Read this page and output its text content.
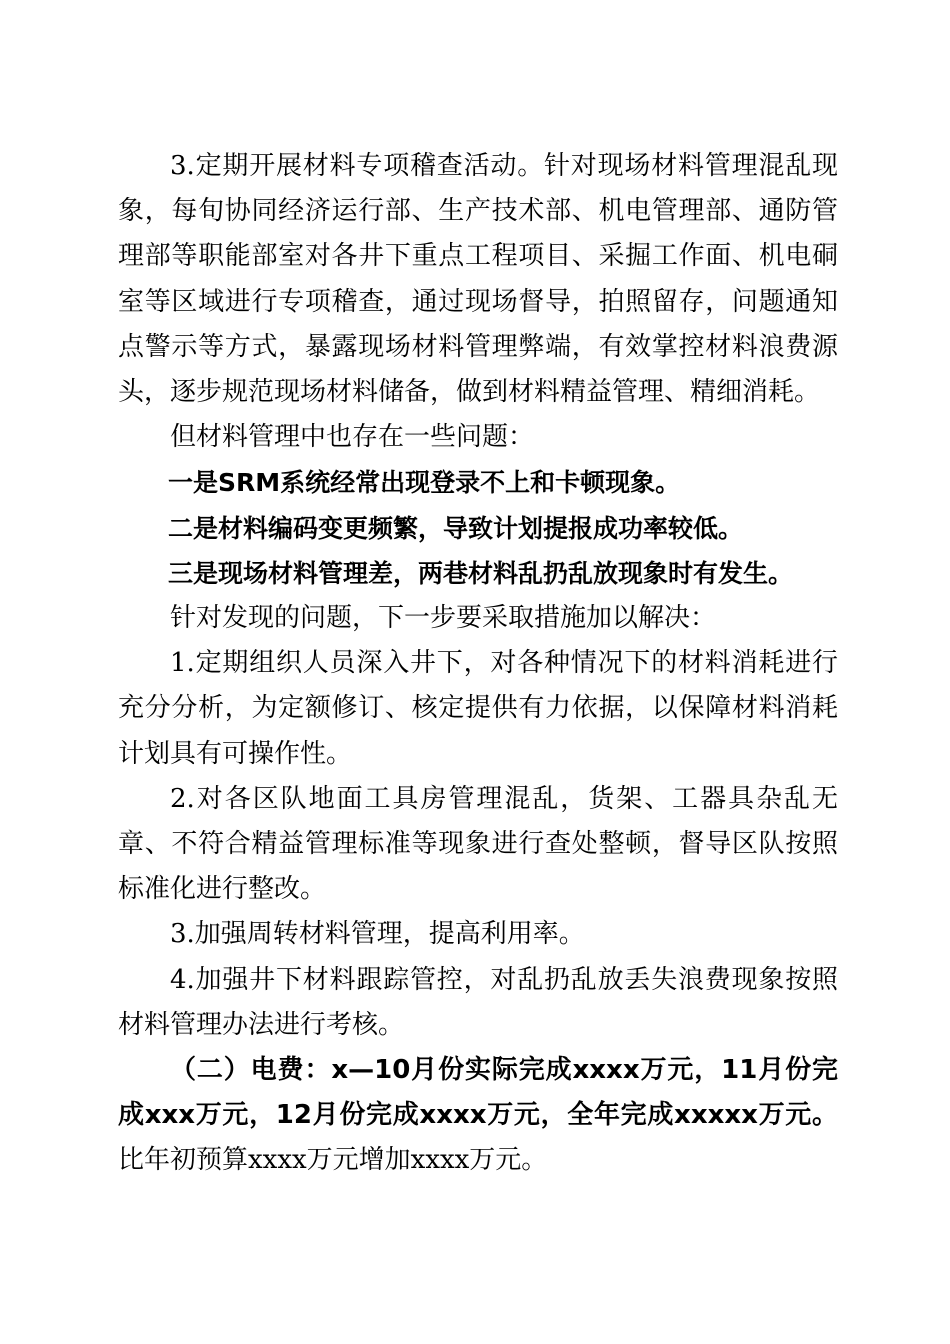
3.定期开展材料专项稽查活动。针对现场材料管理混乱现象，每旬协同经济运行部、生产技术部、机电管理部、通防管理部等职能部室对各井下重点工程项目、采掘工作面、机电硐室等区域进行专项稽查，通过现场督导，拍照留存，问题通知点警示等方式，暴露现场材料管理弊端，有效掌控材料浪费源头，逐步规范现场材料储备，做到材料精益管理、精细消耗。

但材料管理中也存在一些问题：

一是SRM系统经常出现登录不上和卡顿现象。

二是材料编码变更频繁，导致计划提报成功率较低。

三是现场材料管理差，两巷材料乱扔乱放现象时有发生。

针对发现的问题，下一步要采取措施加以解决：

1.定期组织人员深入井下，对各种情况下的材料消耗进行充分分析，为定额修订、核定提供有力依据，以保障材料消耗计划具有可操作性。

2.对各区队地面工具房管理混乱，货架、工器具杂乱无章、不符合精益管理标准等现象进行查处整顿，督导区队按照标准化进行整改。

3.加强周转材料管理，提高利用率。

4.加强井下材料跟踪管控，对乱扔乱放丢失浪费现象按照材料管理办法进行考核。

（二）电费：x—10月份实际完成xxxx万元，11月份完成xxx万元，12月份完成xxxx万元，全年完成xxxxx万元。比年初预算xxxx万元增加xxxx万元。
